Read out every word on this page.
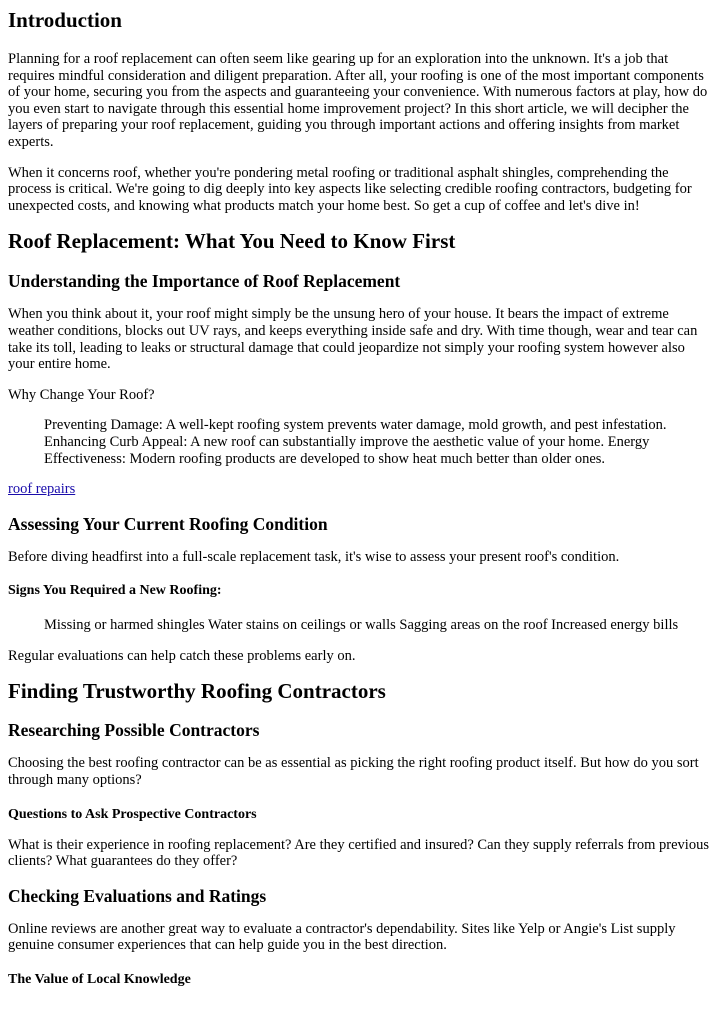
Introduction

Planning for a roof replacement can often seem like gearing up for an exploration into the unknown. It's a job that requires mindful consideration and diligent preparation. After all, your roofing is one of the most important components of your home, securing you from the aspects and guaranteeing your convenience. With numerous factors at play, how do you even start to navigate through this essential home improvement project? In this short article, we will decipher the layers of preparing your roof replacement, guiding you through important actions and offering insights from market experts.

When it concerns roof, whether you're pondering metal roofing or traditional asphalt shingles, comprehending the process is critical. We're going to dig deeply into key aspects like selecting credible roofing contractors, budgeting for unexpected costs, and knowing what products match your home best. So get a cup of coffee and let's dive in!

Roof Replacement: What You Need to Know First
Understanding the Importance of Roof Replacement

When you think about it, your roof might simply be the unsung hero of your house. It bears the impact of extreme weather conditions, blocks out UV rays, and keeps everything inside safe and dry. With time though, wear and tear can take its toll, leading to leaks or structural damage that could jeopardize not simply your roofing system however also your entire home.

Why Change Your Roof?

Preventing Damage: A well-kept roofing system prevents water damage, mold growth, and pest infestation. Enhancing Curb Appeal: A new roof can substantially improve the aesthetic value of your home. Energy Effectiveness: Modern roofing products are developed to show heat much better than older ones.

roof repairs

Assessing Your Current Roofing Condition

Before diving headfirst into a full-scale replacement task, it's wise to assess your present roof's condition.

Signs You Required a New Roofing:

Missing or harmed shingles Water stains on ceilings or walls Sagging areas on the roof Increased energy bills

Regular evaluations can help catch these problems early on.

Finding Trustworthy Roofing Contractors
Researching Possible Contractors

Choosing the best roofing contractor can be as essential as picking the right roofing product itself. But how do you sort through many options?

Questions to Ask Prospective Contractors

What is their experience in roofing replacement? Are they certified and insured? Can they supply referrals from previous clients? What guarantees do they offer?

Checking Evaluations and Ratings

Online reviews are another great way to evaluate a contractor's dependability. Sites like Yelp or Angie's List supply genuine consumer experiences that can help guide you in the best direction.

The Value of Local Knowledge
